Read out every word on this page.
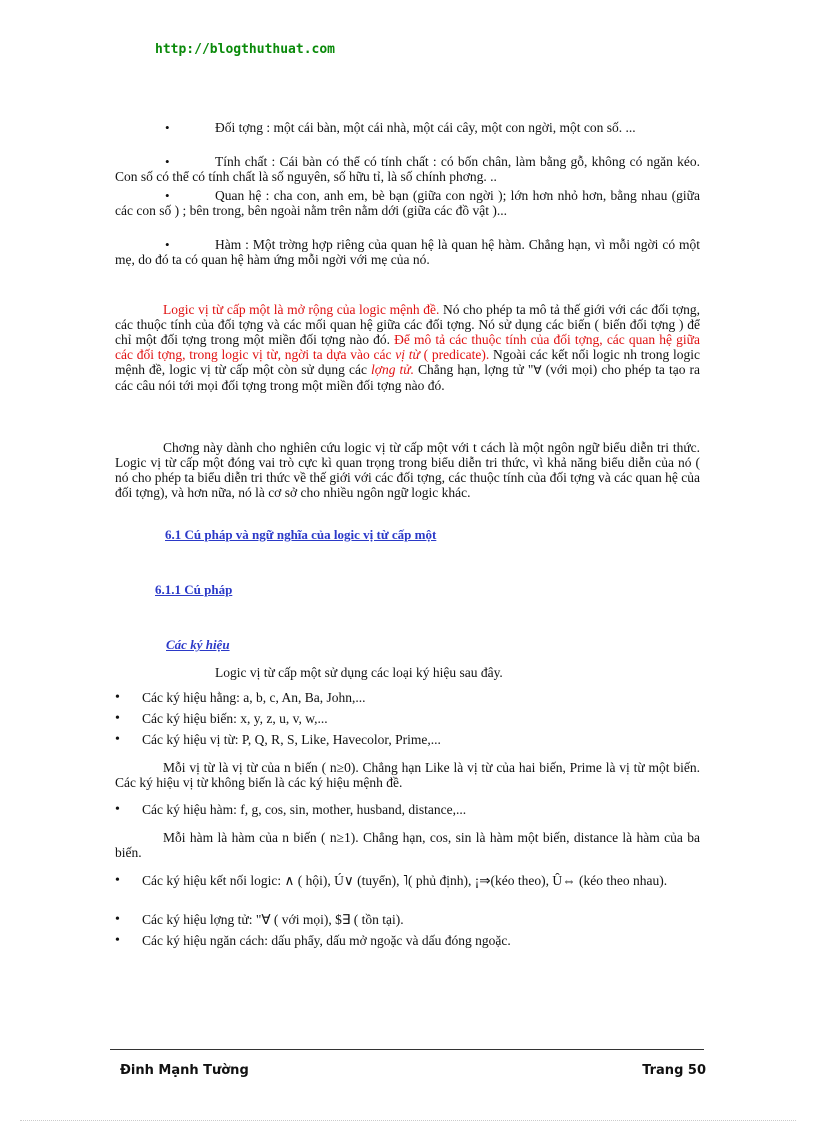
http://blogthuthuat.com
•	Đối tợng : một cái bàn, một cái nhà, một cái cây, một con ngời, một con số. ...
•	Tính chất : Cái bàn có thể có tính chất : có bốn chân, làm bằng gỗ, không có ngăn kéo. Con số có thể có tính chất là số nguyên, số hữu tỉ, là số chính phơng. ..
•	Quan hệ : cha con, anh em, bè bạn (giữa con ngời ); lớn hơn nhỏ hơn, bằng nhau (giữa các con số ) ; bên trong, bên ngoài nằm trên nằm dới (giữa các đồ vật )...
•	Hàm : Một trờng hợp riêng của quan hệ là quan hệ hàm. Chẳng hạn, vì mỗi ngời có một mẹ, do đó ta có quan hệ hàm ứng mỗi ngời với mẹ của nó.
Logic vị từ cấp một là mở rộng của logic mệnh đề. Nó cho phép ta mô tả thế giới với các đối tợng, các thuộc tính của đối tợng và các mối quan hệ giữa các đối tợng. Nó sử dụng các biến ( biến đối tợng ) để chỉ một đối tợng trong một miền đối tợng nào đó. Để mô tả các thuộc tính của đối tợng, các quan hệ giữa các đối tợng, trong logic vị từ, ngời ta dựa vào các vị từ ( predicate). Ngoài các kết nối logic nh trong logic mệnh đề, logic vị từ cấp một còn sử dụng các lợng tử. Chẳng hạn, lợng tử "∀ (với mọi) cho phép ta tạo ra các câu nói tới mọi đối tợng trong một miền đối tợng nào đó.
Chơng này dành cho nghiên cứu logic vị từ cấp một với t cách là một ngôn ngữ biểu diễn tri thức. Logic vị từ cấp một đóng vai trò cực kì quan trọng trong biểu diễn tri thức, vì khả năng biểu diễn của nó ( nó cho phép ta biểu diễn tri thức về thế giới với các đối tợng, các thuộc tính của đối tợng và các quan hệ của đối tợng), và hơn nữa, nó là cơ sở cho nhiều ngôn ngữ logic khác.
6.1 Cú pháp và ngữ nghĩa của logic vị từ cấp một
6.1.1 Cú pháp
Các ký hiệu
Logic vị từ cấp một sử dụng các loại ký hiệu sau đây.
• Các ký hiệu hằng: a, b, c, An, Ba, John,...
• Các ký hiệu biến: x, y, z, u, v, w,...
• Các ký hiệu vị từ: P, Q, R, S, Like, Havecolor, Prime,...
Mỗi vị từ là vị từ của n biến ( n≥0). Chẳng hạn Like là vị từ của hai biến, Prime là vị từ một biến. Các ký hiệu vị từ không biến là các ký hiệu mệnh đề.
• Các ký hiệu hàm: f, g, cos, sin, mother, husband, distance,...
Mỗi hàm là hàm của n biến ( n≥1). Chẳng hạn, cos, sin là hàm một biến, distance là hàm của ba biến.
• Các ký hiệu kết nối logic: ∧ ( hội), Ú∨ (tuyển), ˥( phủ định), ¡⇒(kéo theo), Û⇔ (kéo theo nhau).
• Các ký hiệu lợng tử: "∀ ( với mọi), $∃ ( tồn tại).
• Các ký hiệu ngăn cách: dấu phẩy, dấu mở ngoặc và dấu đóng ngoặc.
Đinh Mạnh Tường	Trang 50
